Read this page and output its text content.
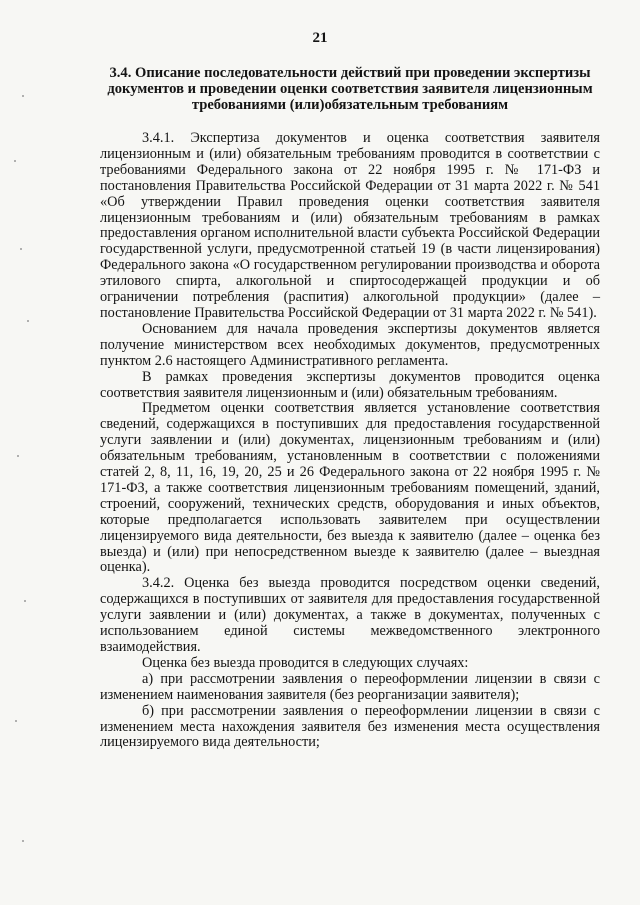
21
3.4. Описание последовательности действий при проведении экспертизы документов и проведении оценки соответствия заявителя лицензионным требованиями (или)обязательным требованиям

3.4.1. Экспертиза документов и оценка соответствия заявителя лицензионным и (или) обязательным требованиям проводится в соответствии с требованиями Федерального закона от 22 ноября 1995 г. № 171-ФЗ и постановления Правительства Российской Федерации от 31 марта 2022 г. № 541 «Об утверждении Правил проведения оценки соответствия заявителя лицензионным требованиям и (или) обязательным требованиям в рамках предоставления органом исполнительной власти субъекта Российской Федерации государственной услуги, предусмотренной статьей 19 (в части лицензирования) Федерального закона «О государственном регулировании производства и оборота этилового спирта, алкогольной и спиртосодержащей продукции и об ограничении потребления (распития) алкогольной продукции» (далее – постановление Правительства Российской Федерации от 31 марта 2022 г. № 541).

Основанием для начала проведения экспертизы документов является получение министерством всех необходимых документов, предусмотренных пунктом 2.6 настоящего Административного регламента.

В рамках проведения экспертизы документов проводится оценка соответствия заявителя лицензионным и (или) обязательным требованиям.

Предметом оценки соответствия является установление соответствия сведений, содержащихся в поступивших для предоставления государственной услуги заявлении и (или) документах, лицензионным требованиям и (или) обязательным требованиям, установленным в соответствии с положениями статей 2, 8, 11, 16, 19, 20, 25 и 26 Федерального закона от 22 ноября 1995 г. № 171-ФЗ, а также соответствия лицензионным требованиям помещений, зданий, строений, сооружений, технических средств, оборудования и иных объектов, которые предполагается использовать заявителем при осуществлении лицензируемого вида деятельности, без выезда к заявителю (далее – оценка без выезда) и (или) при непосредственном выезде к заявителю (далее – выездная оценка).

3.4.2. Оценка без выезда проводится посредством оценки сведений, содержащихся в поступивших от заявителя для предоставления государственной услуги заявлении и (или) документах, а также в документах, полученных с использованием единой системы межведомственного электронного взаимодействия.

Оценка без выезда проводится в следующих случаях:

а) при рассмотрении заявления о переоформлении лицензии в связи с изменением наименования заявителя (без реорганизации заявителя);

б) при рассмотрении заявления о переоформлении лицензии в связи с изменением места нахождения заявителя без изменения места осуществления лицензируемого вида деятельности;
